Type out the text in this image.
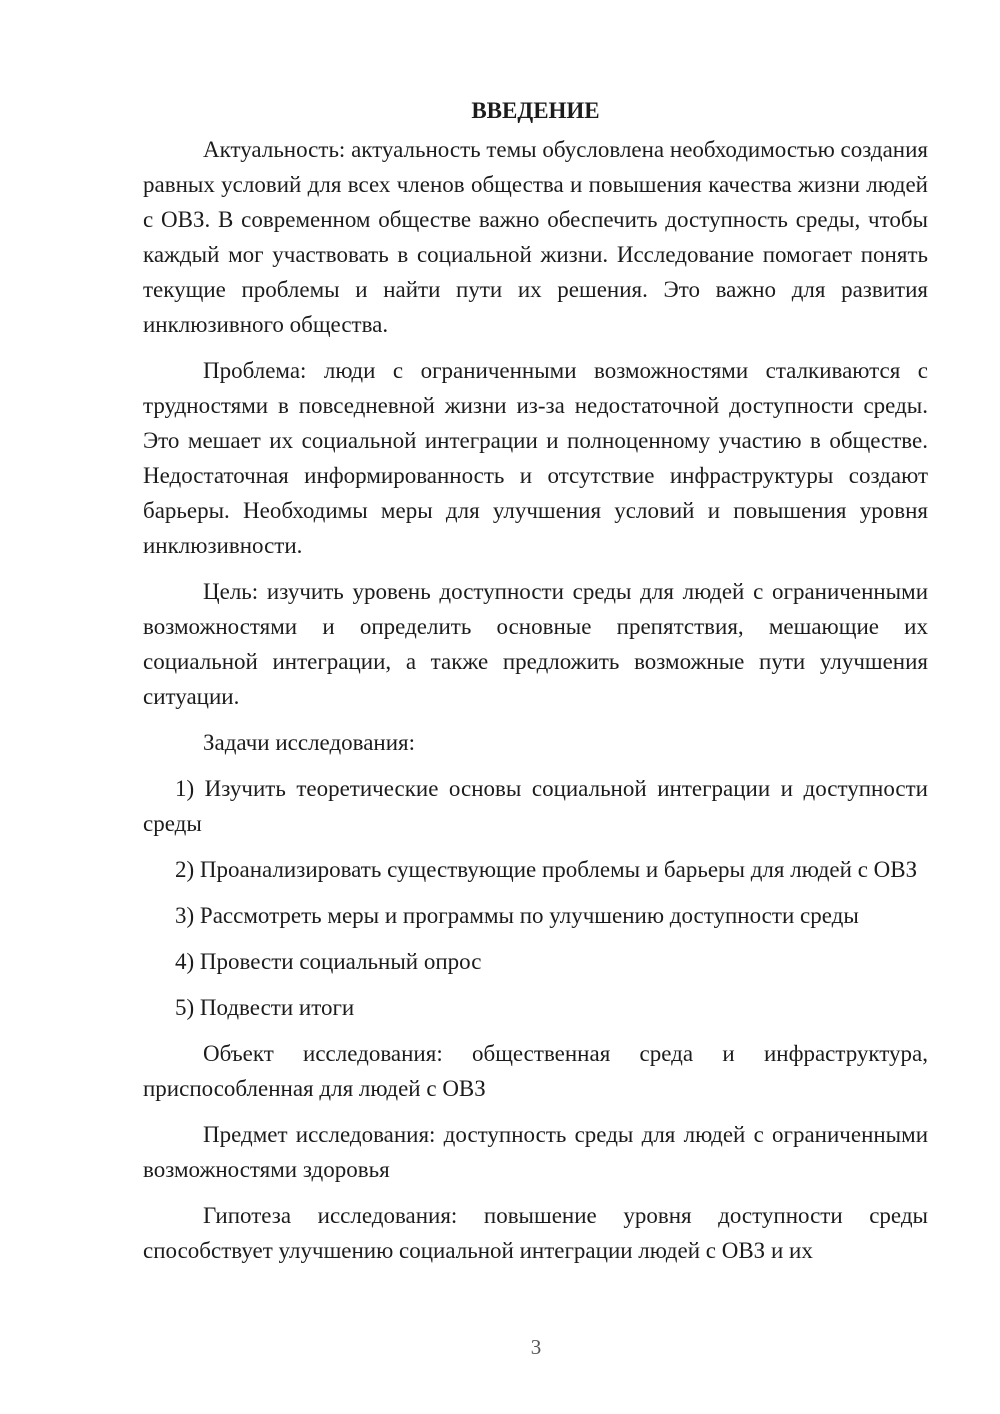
ВВЕДЕНИЕ

Актуальность: актуальность темы обусловлена необходимостью создания равных условий для всех членов общества и повышения качества жизни людей с ОВЗ. В современном обществе важно обеспечить доступность среды, чтобы каждый мог участвовать в социальной жизни. Исследование помогает понять текущие проблемы и найти пути их решения. Это важно для развития инклюзивного общества.

Проблема: люди с ограниченными возможностями сталкиваются с трудностями в повседневной жизни из-за недостаточной доступности среды. Это мешает их социальной интеграции и полноценному участию в обществе. Недостаточная информированность и отсутствие инфраструктуры создают барьеры. Необходимы меры для улучшения условий и повышения уровня инклюзивности.

Цель: изучить уровень доступности среды для людей с ограниченными возможностями и определить основные препятствия, мешающие их социальной интеграции, а также предложить возможные пути улучшения ситуации.

Задачи исследования:

1) Изучить теоретические основы социальной интеграции и доступности среды

2) Проанализировать существующие проблемы и барьеры для людей с ОВЗ

3) Рассмотреть меры и программы по улучшению доступности среды

4) Провести социальный опрос

5) Подвести итоги

Объект исследования: общественная среда и инфраструктура, приспособленная для людей с ОВЗ

Предмет исследования: доступность среды для людей с ограниченными возможностями здоровья

Гипотеза исследования: повышение уровня доступности среды способствует улучшению социальной интеграции людей с ОВЗ и их

3
